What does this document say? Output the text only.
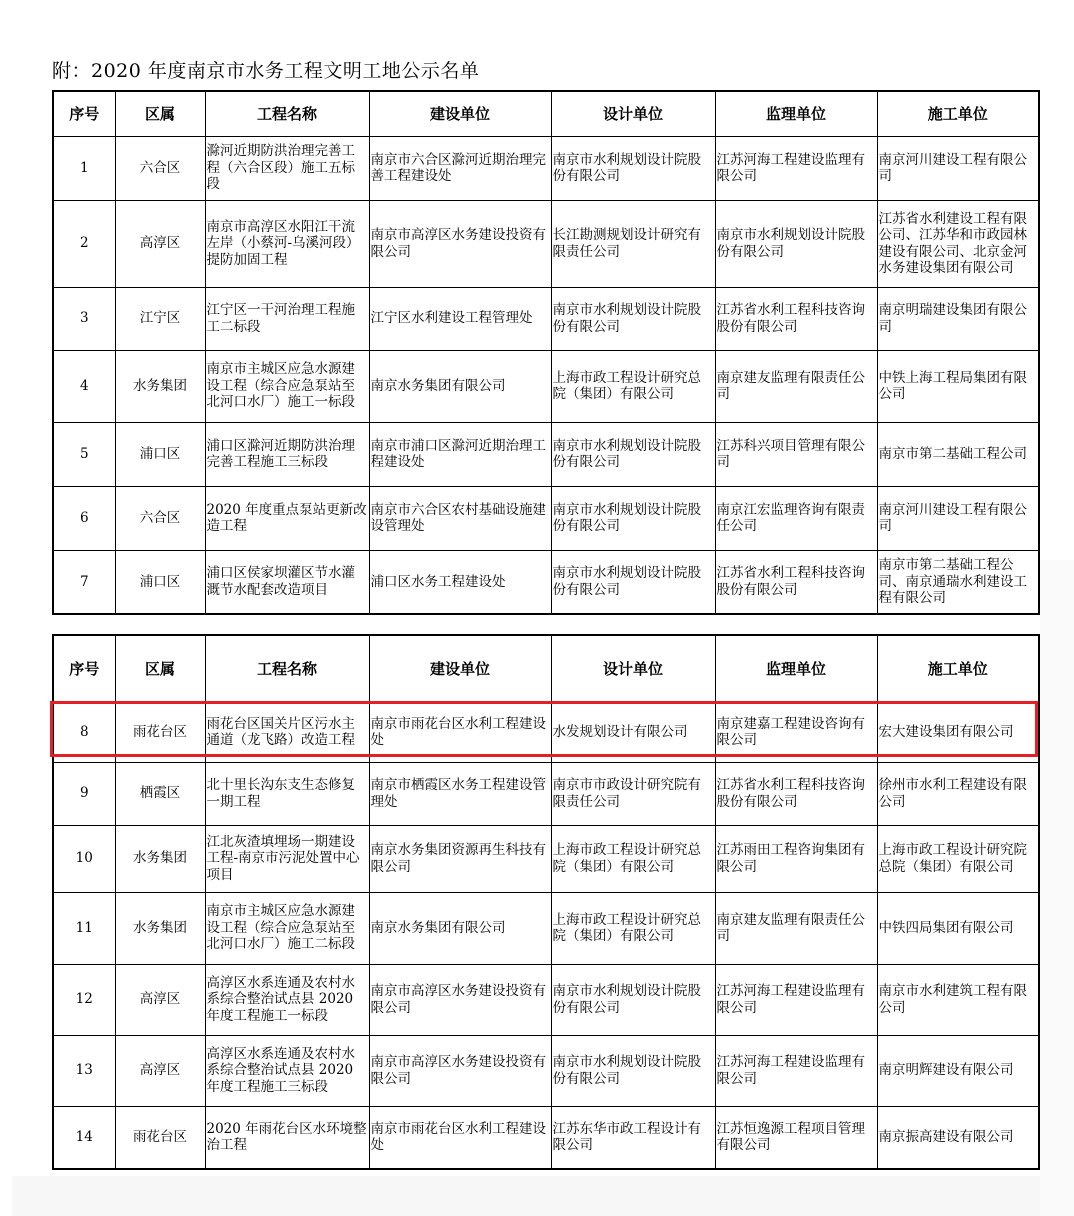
附：2020 年度南京市水务工程文明工地公示名单
序号	区属	工程名称	建设单位	设计单位	监理单位	施工单位
1	六合区	滁河近期防洪治理完善工程（六合区段）施工五标段	南京市六合区滁河近期治理完善工程建设处	南京市水利规划设计院股份有限公司	江苏河海工程建设监理有限公司	南京河川建设工程有限公司
2	高淳区	南京市高淳区水阳江干流左岸（小蔡河-乌溪河段）提防加固工程	南京市高淳区水务建设投资有限公司	长江勘测规划设计研究有限责任公司	南京市水利规划设计院股份有限公司	江苏省水利建设工程有限公司、江苏华和市政园林建设有限公司、北京金河水务建设集团有限公司
3	江宁区	江宁区一干河治理工程施工二标段	江宁区水利建设工程管理处	南京市水利规划设计院股份有限公司	江苏省水利工程科技咨询股份有限公司	南京明瑞建设集团有限公司
4	水务集团	南京市主城区应急水源建设工程（综合应急泵站至北河口水厂）施工一标段	南京水务集团有限公司	上海市政工程设计研究总院（集团）有限公司	南京建友监理有限责任公司	中铁上海工程局集团有限公司
5	浦口区	浦口区滁河近期防洪治理完善工程施工三标段	南京市浦口区滁河近期治理工程建设处	南京市水利规划设计院股份有限公司	江苏科兴项目管理有限公司	南京市第二基础工程公司
6	六合区	2020 年度重点泵站更新改造工程	南京市六合区农村基础设施建设管理处	南京市水利规划设计院股份有限公司	南京江宏监理咨询有限责任公司	南京河川建设工程有限公司
7	浦口区	浦口区侯家坝灌区节水灌溉节水配套改造项目	浦口区水务工程建设处	南京市水利规划设计院股份有限公司	江苏省水利工程科技咨询股份有限公司	南京市第二基础工程公司、南京通瑞水利建设工程有限公司
序号	区属	工程名称	建设单位	设计单位	监理单位	施工单位
8	雨花台区	雨花台区国关片区污水主通道（龙飞路）改造工程	南京市雨花台区水利工程建设处	水发规划设计有限公司	南京建嘉工程建设咨询有限公司	宏大建设集团有限公司
9	栖霞区	北十里长沟东支生态修复一期工程	南京市栖霞区水务工程建设管理处	南京市市政设计研究院有限责任公司	江苏省水利工程科技咨询股份有限公司	徐州市水利工程建设有限公司
10	水务集团	江北灰渣填埋场一期建设工程-南京市污泥处置中心项目	南京水务集团资源再生科技有限公司	上海市政工程设计研究总院（集团）有限公司	江苏雨田工程咨询集团有限公司	上海市政工程设计研究院总院（集团）有限公司
11	水务集团	南京市主城区应急水源建设工程（综合应急泵站至北河口水厂）施工二标段	南京水务集团有限公司	上海市政工程设计研究总院（集团）有限公司	南京建友监理有限责任公司	中铁四局集团有限公司
12	高淳区	高淳区水系连通及农村水系综合整治试点县 2020 年度工程施工一标段	南京市高淳区水务建设投资有限公司	南京市水利规划设计院股份有限公司	江苏河海工程建设监理有限公司	南京市水利建筑工程有限公司
13	高淳区	高淳区水系连通及农村水系综合整治试点县 2020 年度工程施工三标段	南京市高淳区水务建设投资有限公司	南京市水利规划设计院股份有限公司	江苏河海工程建设监理有限公司	南京明辉建设有限公司
14	雨花台区	2020 年雨花台区水环境整治工程	南京市雨花台区水利工程建设处	江苏东华市政工程设计有限公司	江苏恒逸源工程项目管理有限公司	南京振高建设有限公司
